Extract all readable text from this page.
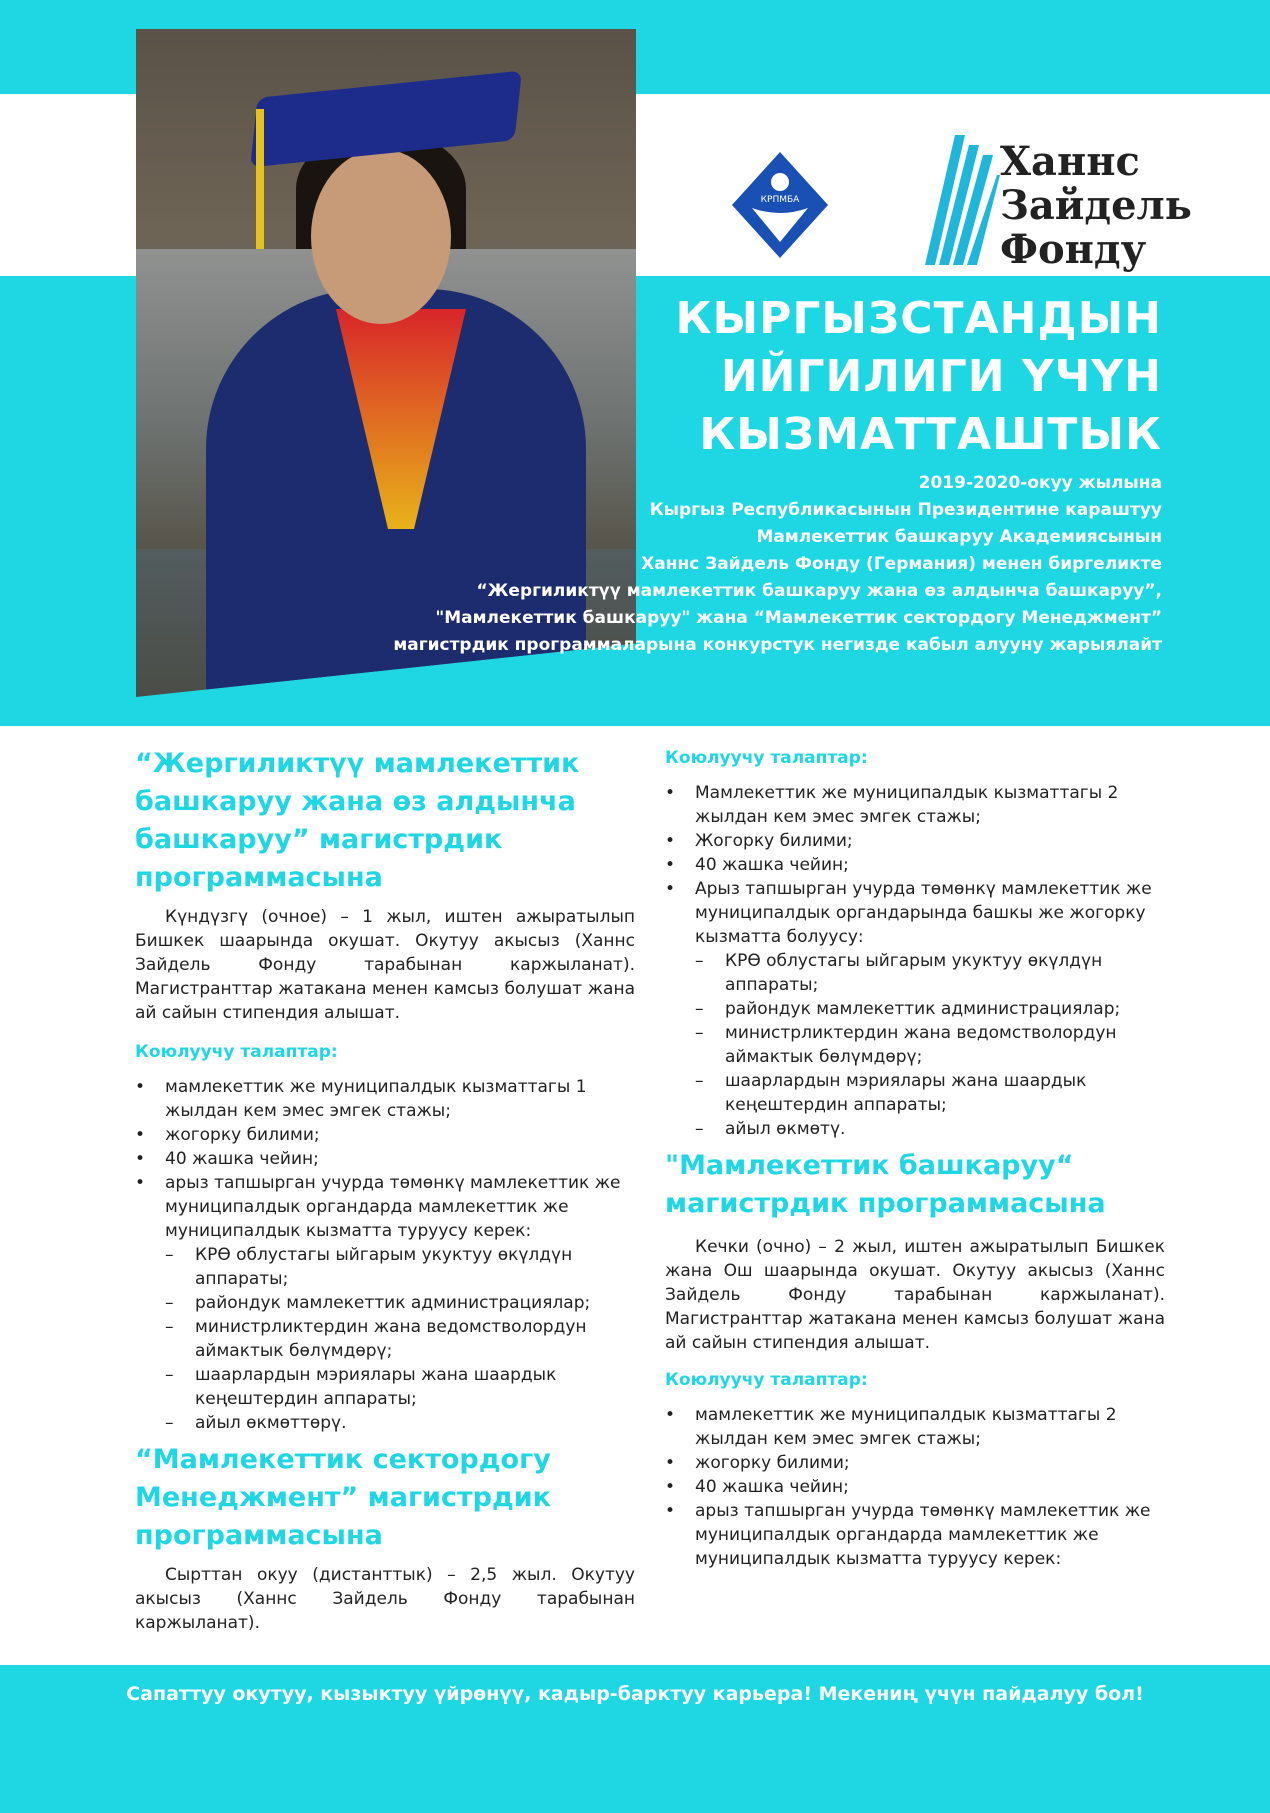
КРПМБА
Ханнс
Зайдель
Фонду
КЫРГЫЗСТАНДЫН
ИЙГИЛИГИ ҮЧҮН
КЫЗМАТТАШТЫК
2019-2020-окуу жылына
Кыргыз Республикасынын Президентине караштуу
Мамлекеттик башкаруу Академиясынын
Ханнс Зайдель Фонду (Германия) менен биргеликте
“Жергиликтүү мамлекеттик башкаруу жана өз алдынча башкаруу”,
"Мамлекеттик башкаруу" жана “Мамлекеттик сектордогу Менеджмент”
магистрдик программаларына конкурстук негизде кабыл алууну жарыялайт
“Жергиликтүү мамлекеттик башкаруу жана өз алдынча башкаруу” магистрдик программасына

Күндүзгү (очное) – 1 жыл, иштен ажыратылып Бишкек шаарында окушат. Окутуу акысыз (Ханнс Зайдель Фонду тарабынан каржыланат). Магистранттар жатакана менен камсыз болушат жана ай сайын стипендия алышат.

Коюлуучу талаптар:
• мамлекеттик же муниципалдык кызматтагы 1 жылдан кем эмес эмгек стажы;
• жогорку билими;
• 40 жашка чейин;
• арыз тапшырган учурда төмөнкү мамлекеттик же муниципалдык органдарда мамлекеттик же муниципалдык кызматта туруусу керек:
– КРӨ облустагы ыйгарым укуктуу өкүлдүн аппараты;
– райондук мамлекеттик администрациялар;
– министрликтердин жана ведомстволордун аймактык бөлүмдөрү;
– шаарлардын мэриялары жана шаардык кеңештердин аппараты;
– айыл өкмөттөрү.
“Мамлекеттик сектордогу Менеджмент” магистрдик программасына

Сырттан окуу (дистанттык) – 2,5 жыл. Окутуу акысыз (Ханнс Зайдель Фонду тарабынан каржыланат).

Коюлуучу талаптар:
• Мамлекеттик же муниципалдык кызматтагы 2 жылдан кем эмес эмгек стажы;
• Жогорку билими;
• 40 жашка чейин;
• Арыз тапшырган учурда төмөнкү мамлекеттик же муниципалдык органдарында башкы же жогорку кызматта болуусу:
– КРӨ облустагы ыйгарым укуктуу өкүлдүн аппараты;
– райондук мамлекеттик администрациялар;
– министрликтердин жана ведомстволордун аймактык бөлүмдөрү;
– шаарлардын мэриялары жана шаардык кеңештердин аппараты;
– айыл өкмөтү.
"Мамлекеттик башкаруу“ магистрдик программасына

Кечки (очно) – 2 жыл, иштен ажыратылып Бишкек жана Ош шаарында окушат. Окутуу акысыз (Ханнс Зайдель Фонду тарабынан каржыланат). Магистранттар жатакана менен камсыз болушат жана ай сайын стипендия алышат.

Коюлуучу талаптар:
• мамлекеттик же муниципалдык кызматтагы 2 жылдан кем эмес эмгек стажы;
• жогорку билими;
• 40 жашка чейин;
• арыз тапшырган учурда төмөнкү мамлекеттик же муниципалдык органдарда мамлекеттик же муниципалдык кызматта туруусу керек:
Сапаттуу окутуу, кызыктуу үйрөнүү, кадыр-барктуу карьера! Мекениң үчүн пайдалуу бол!
